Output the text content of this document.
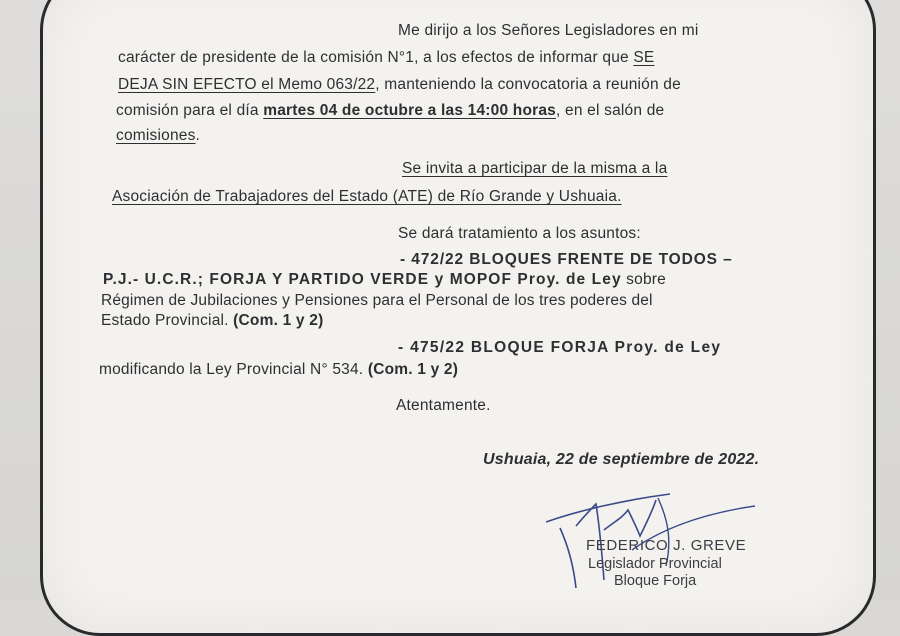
Me dirijo a los Señores Legisladores en mi
carácter de presidente de la comisión N°1, a los efectos de informar que SE
DEJA SIN EFECTO el Memo 063/22, manteniendo la convocatoria a reunión de
comisión para el día martes 04 de octubre a las 14:00 horas, en el salón de
comisiones.
Se invita a participar de la misma a la
Asociación de Trabajadores del Estado (ATE) de Río Grande y Ushuaia.
Se dará tratamiento a los asuntos:
- 472/22 BLOQUES FRENTE DE TODOS –
P.J.- U.C.R.; FORJA Y PARTIDO VERDE y MOPOF Proy. de Ley sobre
Régimen de Jubilaciones y Pensiones para el Personal de los tres poderes del
Estado Provincial. (Com. 1 y 2)
- 475/22 BLOQUE FORJA Proy. de Ley
modificando la Ley Provincial N° 534. (Com. 1 y 2)
Atentamente.
Ushuaia, 22 de septiembre de 2022.
FEDERICO J. GREVE
Legislador Provincial
Bloque Forja
